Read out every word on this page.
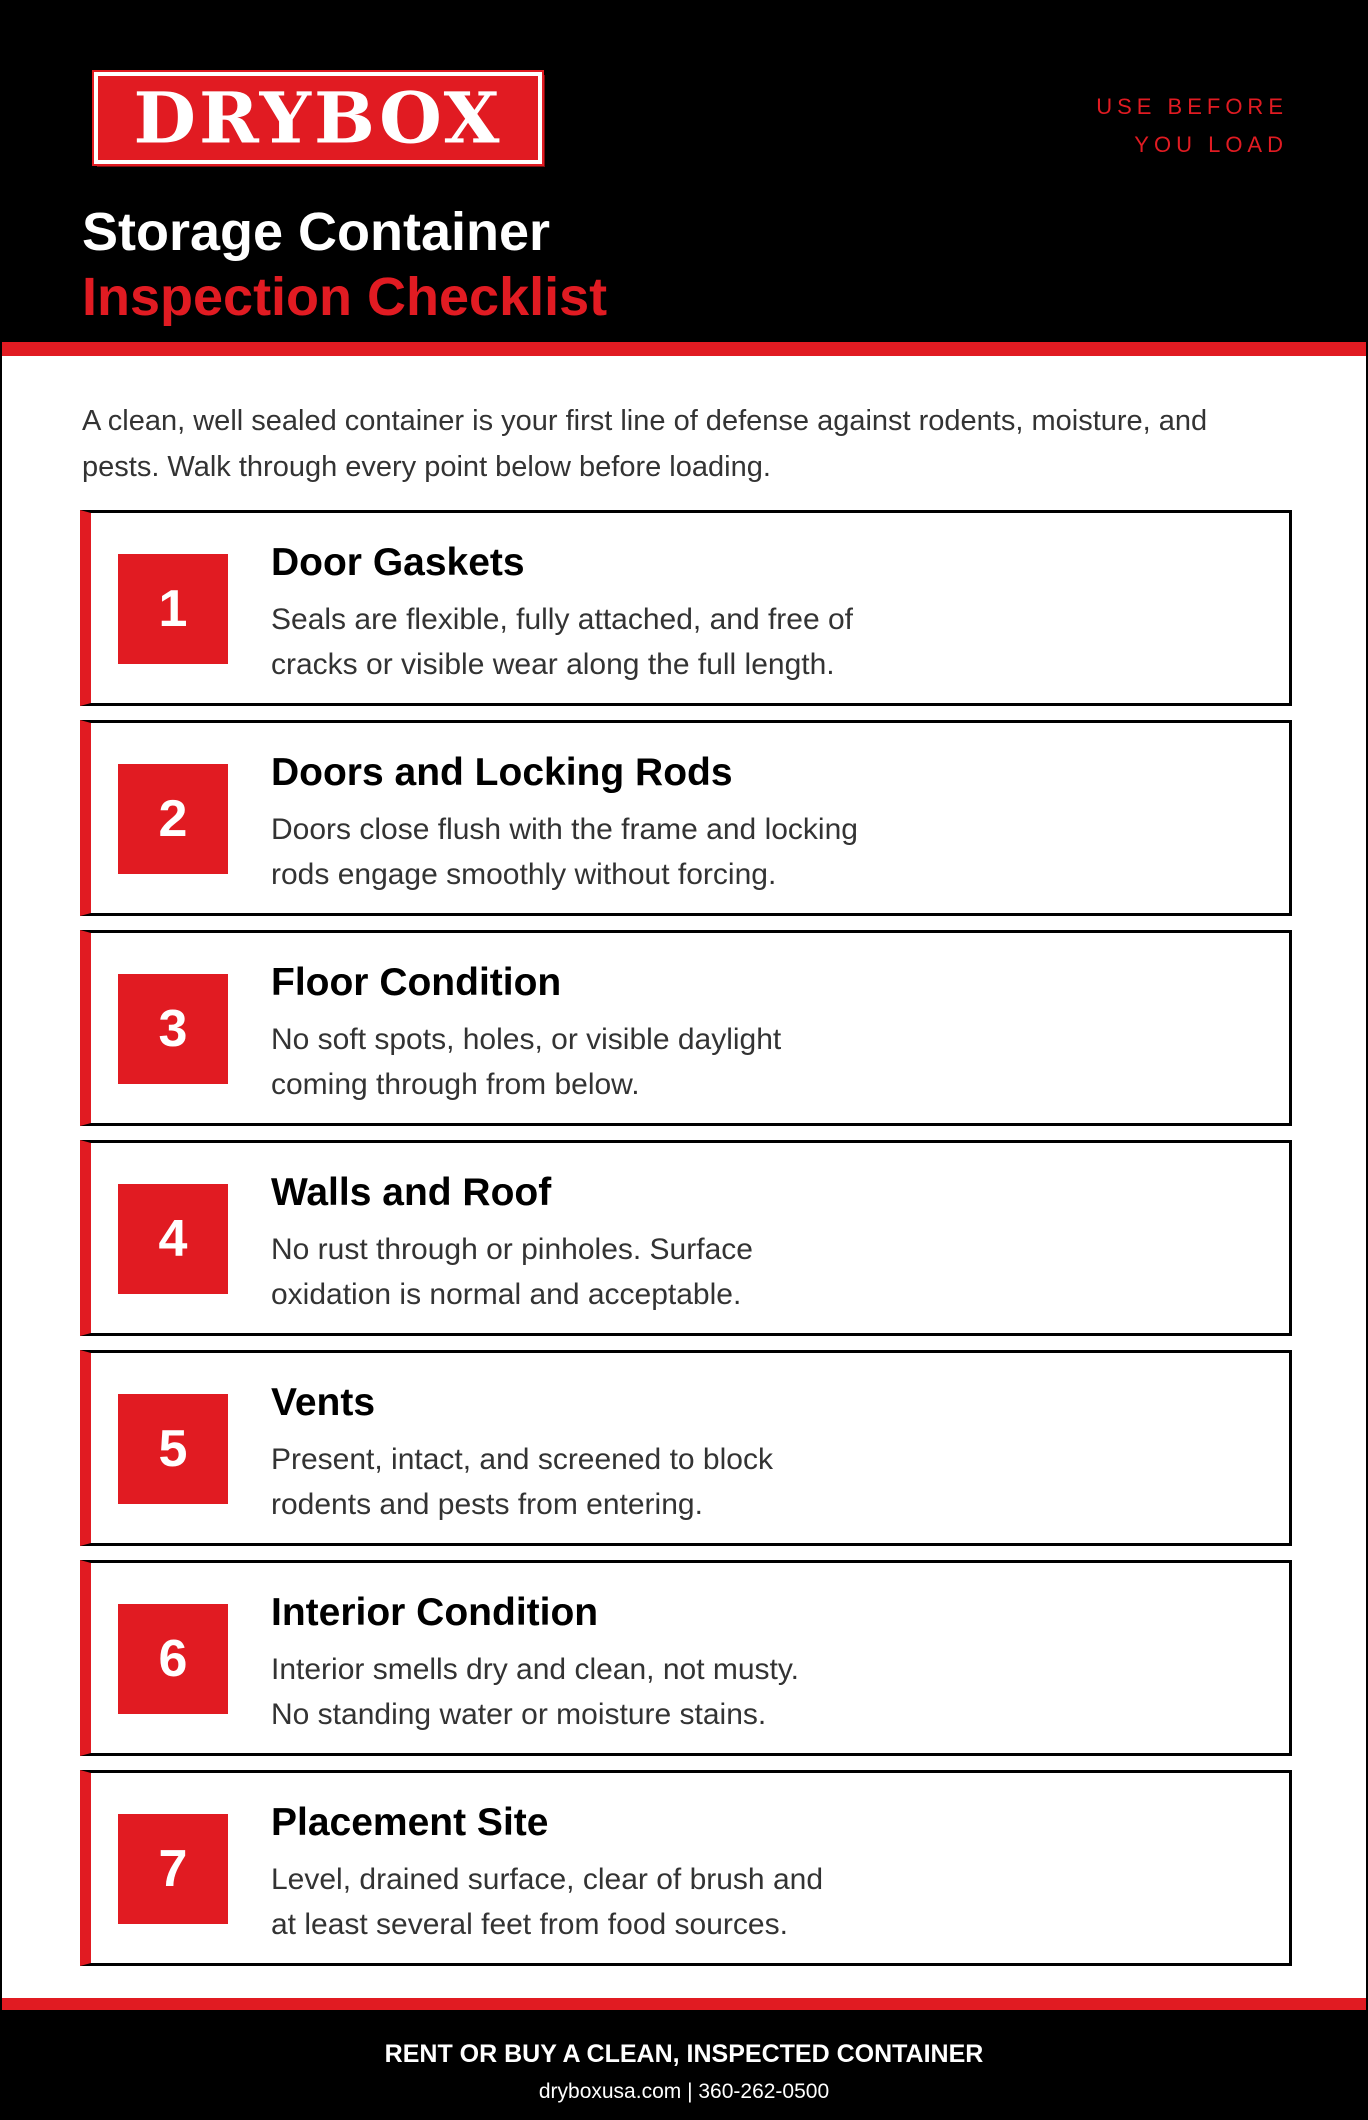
DRYBOX	USE BEFORE
YOU LOAD
Storage Container
Inspection Checklist

A clean, well sealed container is your first line of defense against rodents, moisture, and pests. Walk through every point below before loading.

1
Door Gaskets
Seals are flexible, fully attached, and free of
cracks or visible wear along the full length.
2
Doors and Locking Rods
Doors close flush with the frame and locking
rods engage smoothly without forcing.
3
Floor Condition
No soft spots, holes, or visible daylight
coming through from below.
4
Walls and Roof
No rust through or pinholes. Surface
oxidation is normal and acceptable.
5
Vents
Present, intact, and screened to block
rodents and pests from entering.
6
Interior Condition
Interior smells dry and clean, not musty.
No standing water or moisture stains.
7
Placement Site
Level, drained surface, clear of brush and
at least several feet from food sources.
RENT OR BUY A CLEAN, INSPECTED CONTAINER
dryboxusa.com | 360-262-0500
